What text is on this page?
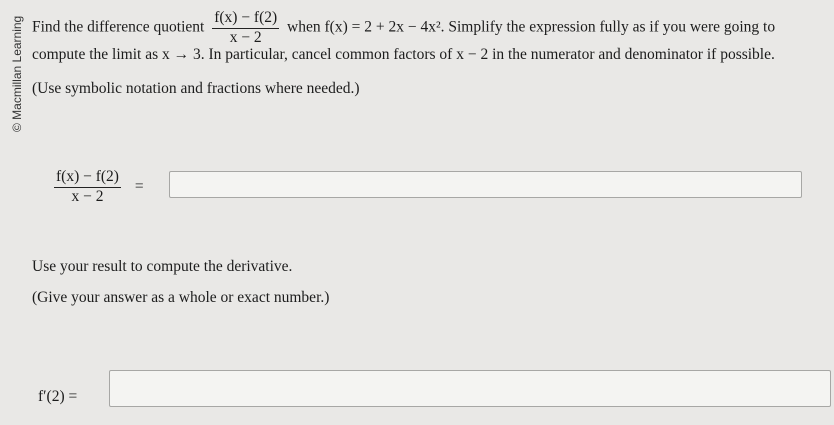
© Macmillan Learning Find the difference quotient $\frac{f(x) - f(2)}{x - 2}$ when f(x) = 2 + 2x − 4x². Simplify the expression fully as if you were going to
compute the limit as x → 3. In particular, cancel common factors of x − 2 in the numerator and denominator if possible.
(Use symbolic notation and fractions where needed.)
$\frac{f(x) - f(2)}{x - 2}$ =
Use your result to compute the derivative.
(Give your answer as a whole or exact number.)
f′(2) =
